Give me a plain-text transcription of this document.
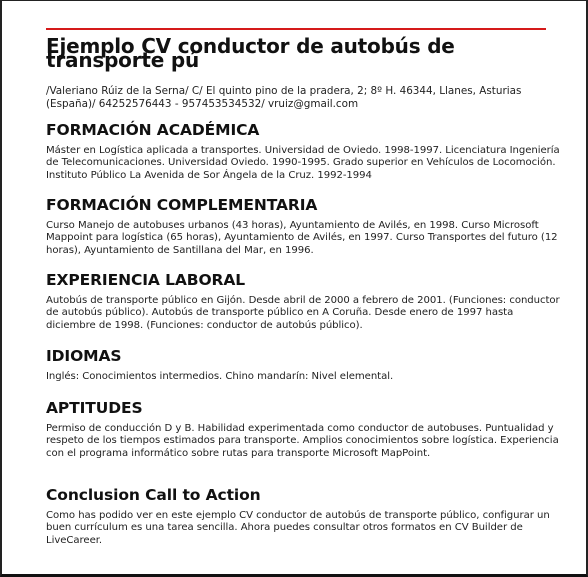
Ejemplo CV conductor de autobús de transporte pú

/Valeriano Rúiz de la Serna/ C/ El quinto pino de la pradera, 2; 8º H. 46344, Llanes, Asturias (España)/ 64252576443 - 957453534532/ vruiz@gmail.com

FORMACIÓN ACADÉMICA

Máster en Logística aplicada a transportes. Universidad de Oviedo. 1998-1997. Licenciatura Ingeniería de Telecomunicaciones. Universidad Oviedo. 1990-1995. Grado superior en Vehículos de Locomoción. Instituto Público La Avenida de Sor Ángela de la Cruz. 1992-1994

FORMACIÓN COMPLEMENTARIA

Curso Manejo de autobuses urbanos (43 horas), Ayuntamiento de Avilés, en 1998. Curso Microsoft Mappoint para logística (65 horas), Ayuntamiento de Avilés, en 1997. Curso Transportes del futuro (12 horas), Ayuntamiento de Santillana del Mar, en 1996.

EXPERIENCIA LABORAL

Autobús de transporte público en Gijón. Desde abril de 2000 a febrero de 2001. (Funciones: conductor de autobús público). Autobús de transporte público en A Coruña. Desde enero de 1997 hasta diciembre de 1998. (Funciones: conductor de autobús público).

IDIOMAS

Inglés: Conocimientos intermedios. Chino mandarín: Nivel elemental.

APTITUDES

Permiso de conducción D y B. Habilidad experimentada como conductor de autobuses. Puntualidad y respeto de los tiempos estimados para transporte. Amplios conocimientos sobre logística. Experiencia con el programa informático sobre rutas para transporte Microsoft MapPoint.

Conclusion Call to Action

Como has podido ver en este ejemplo CV conductor de autobús de transporte público, configurar un buen currículum es una tarea sencilla. Ahora puedes consultar otros formatos en CV Builder de LiveCareer.
